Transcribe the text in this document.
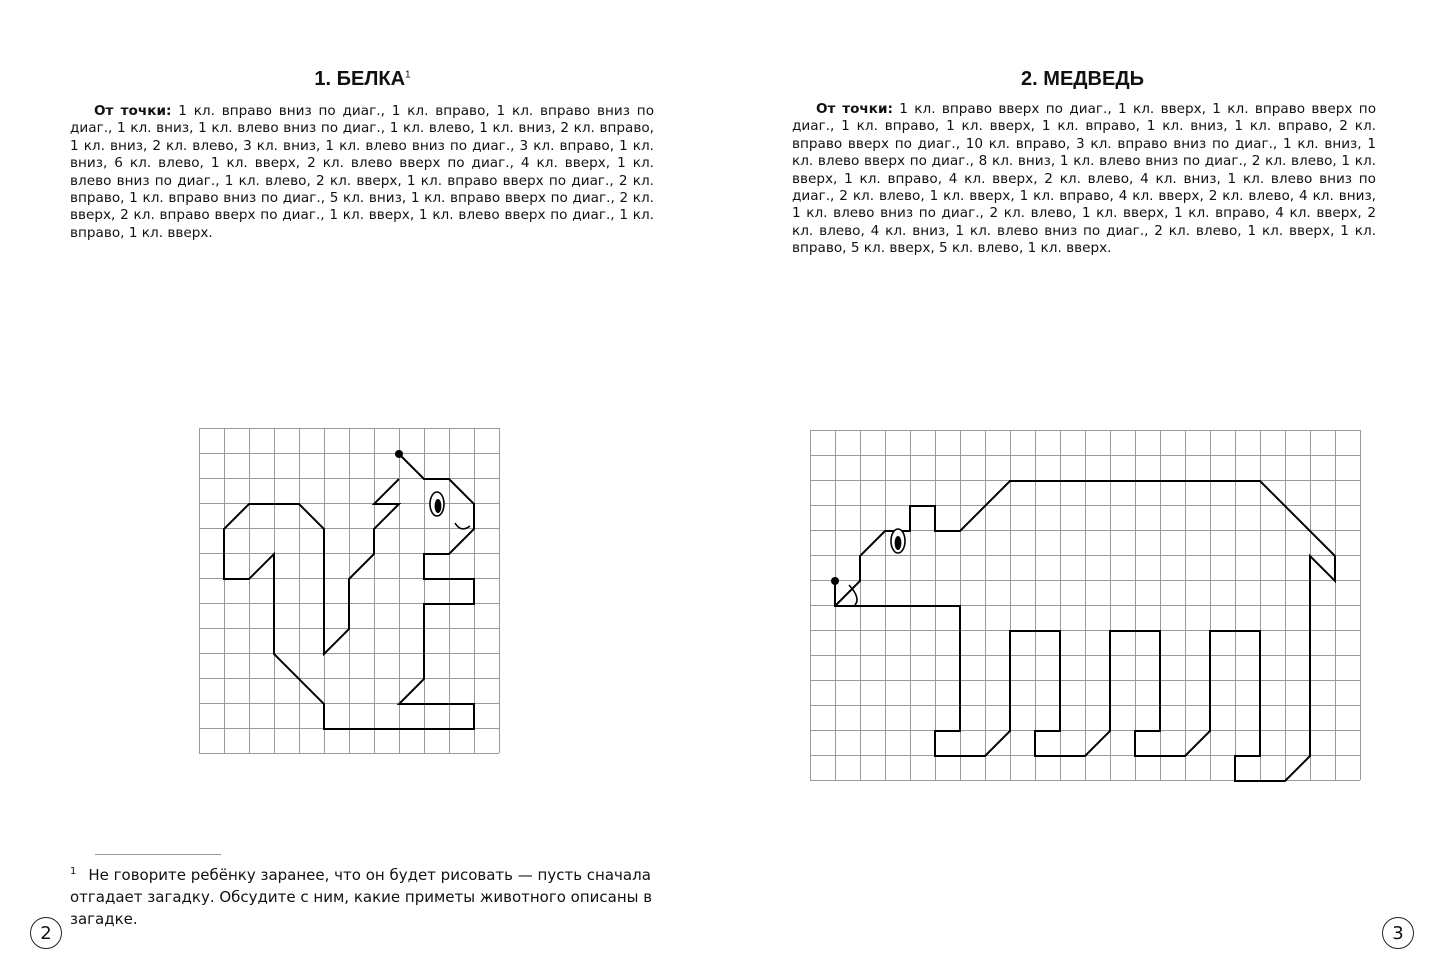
1. БЕЛКА$^1$
От точки: 1 кл. вправо вниз по диаг., 1 кл. вправо, 1 кл. вправо вниз по диаг., 1 кл. вниз, 1 кл. влево вниз по диаг., 1 кл. влево, 1 кл. вниз, 2 кл. вправо, 1 кл. вниз, 2 кл. влево, 3 кл. вниз, 1 кл. влево вниз по диаг., 3 кл. вправо, 1 кл. вниз, 6 кл. влево, 1 кл. вверх, 2 кл. влево вверх по диаг., 4 кл. вверх, 1 кл. влево вниз по диаг., 1 кл. влево, 2 кл. вверх, 1 кл. вправо вверх по диаг., 2 кл. вправо, 1 кл. вправо вниз по диаг., 5 кл. вниз, 1 кл. вправо вверх по диаг., 2 кл. вверх, 2 кл. вправо вверх по диаг., 1 кл. вверх, 1 кл. влево вверх по диаг., 1 кл. вправо, 1 кл. вверх.
$^1$ Не говорите ребёнку заранее, что он будет рисовать — пусть сначала отгадает загадку. Обсудите с ним, какие приметы животного описаны в загадке.
2
2. МЕДВЕДЬ
От точки: 1 кл. вправо вверх по диаг., 1 кл. вверх, 1 кл. вправо вверх по диаг., 1 кл. вправо, 1 кл. вверх, 1 кл. вправо, 1 кл. вниз, 1 кл. вправо, 2 кл. вправо вверх по диаг., 10 кл. вправо, 3 кл. вправо вниз по диаг., 1 кл. вниз, 1 кл. влево вверх по диаг., 8 кл. вниз, 1 кл. влево вниз по диаг., 2 кл. влево, 1 кл. вверх, 1 кл. вправо, 4 кл. вверх, 2 кл. влево, 4 кл. вниз, 1 кл. влево вниз по диаг., 2 кл. влево, 1 кл. вверх, 1 кл. вправо, 4 кл. вверх, 2 кл. влево, 4 кл. вниз, 1 кл. влево вниз по диаг., 2 кл. влево, 1 кл. вверх, 1 кл. вправо, 4 кл. вверх, 2 кл. влево, 4 кл. вниз, 1 кл. влево вниз по диаг., 2 кл. влево, 1 кл. вверх, 1 кл. вправо, 5 кл. вверх, 5 кл. влево, 1 кл. вверх.
3
